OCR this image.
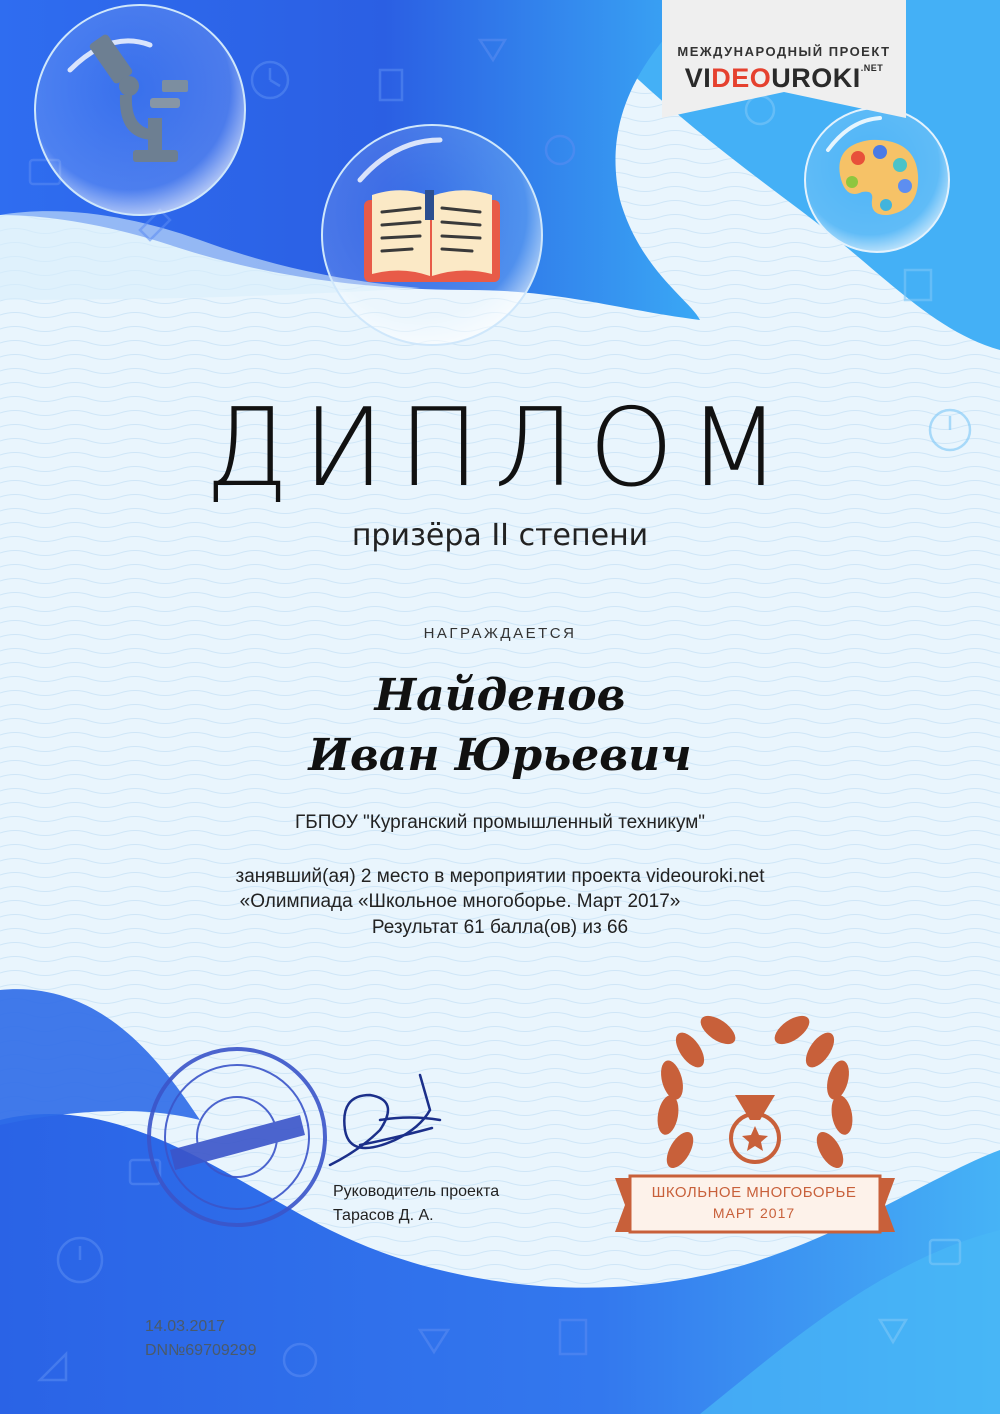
МЕЖДУНАРОДНЫЙ ПРОЕКТ
$VIDEOUROKI^{.NET}$
ДИПЛОМ
призёра II степени
НАГРАЖДАЕТСЯ
Найденов
Иван Юрьевич
ГБПОУ "Курганский промышленный техникум"
занявший(ая) 2 место в мероприятии проекта videouroki.net
«Олимпиада «Школьное многоборье. Март 2017»
Результат 61 балла(ов) из 66
Руководитель проекта
Тарасов Д. А.
ШКОЛЬНОЕ МНОГОБОРЬЕ
МАРТ 2017
14.03.2017
DN№69709299
